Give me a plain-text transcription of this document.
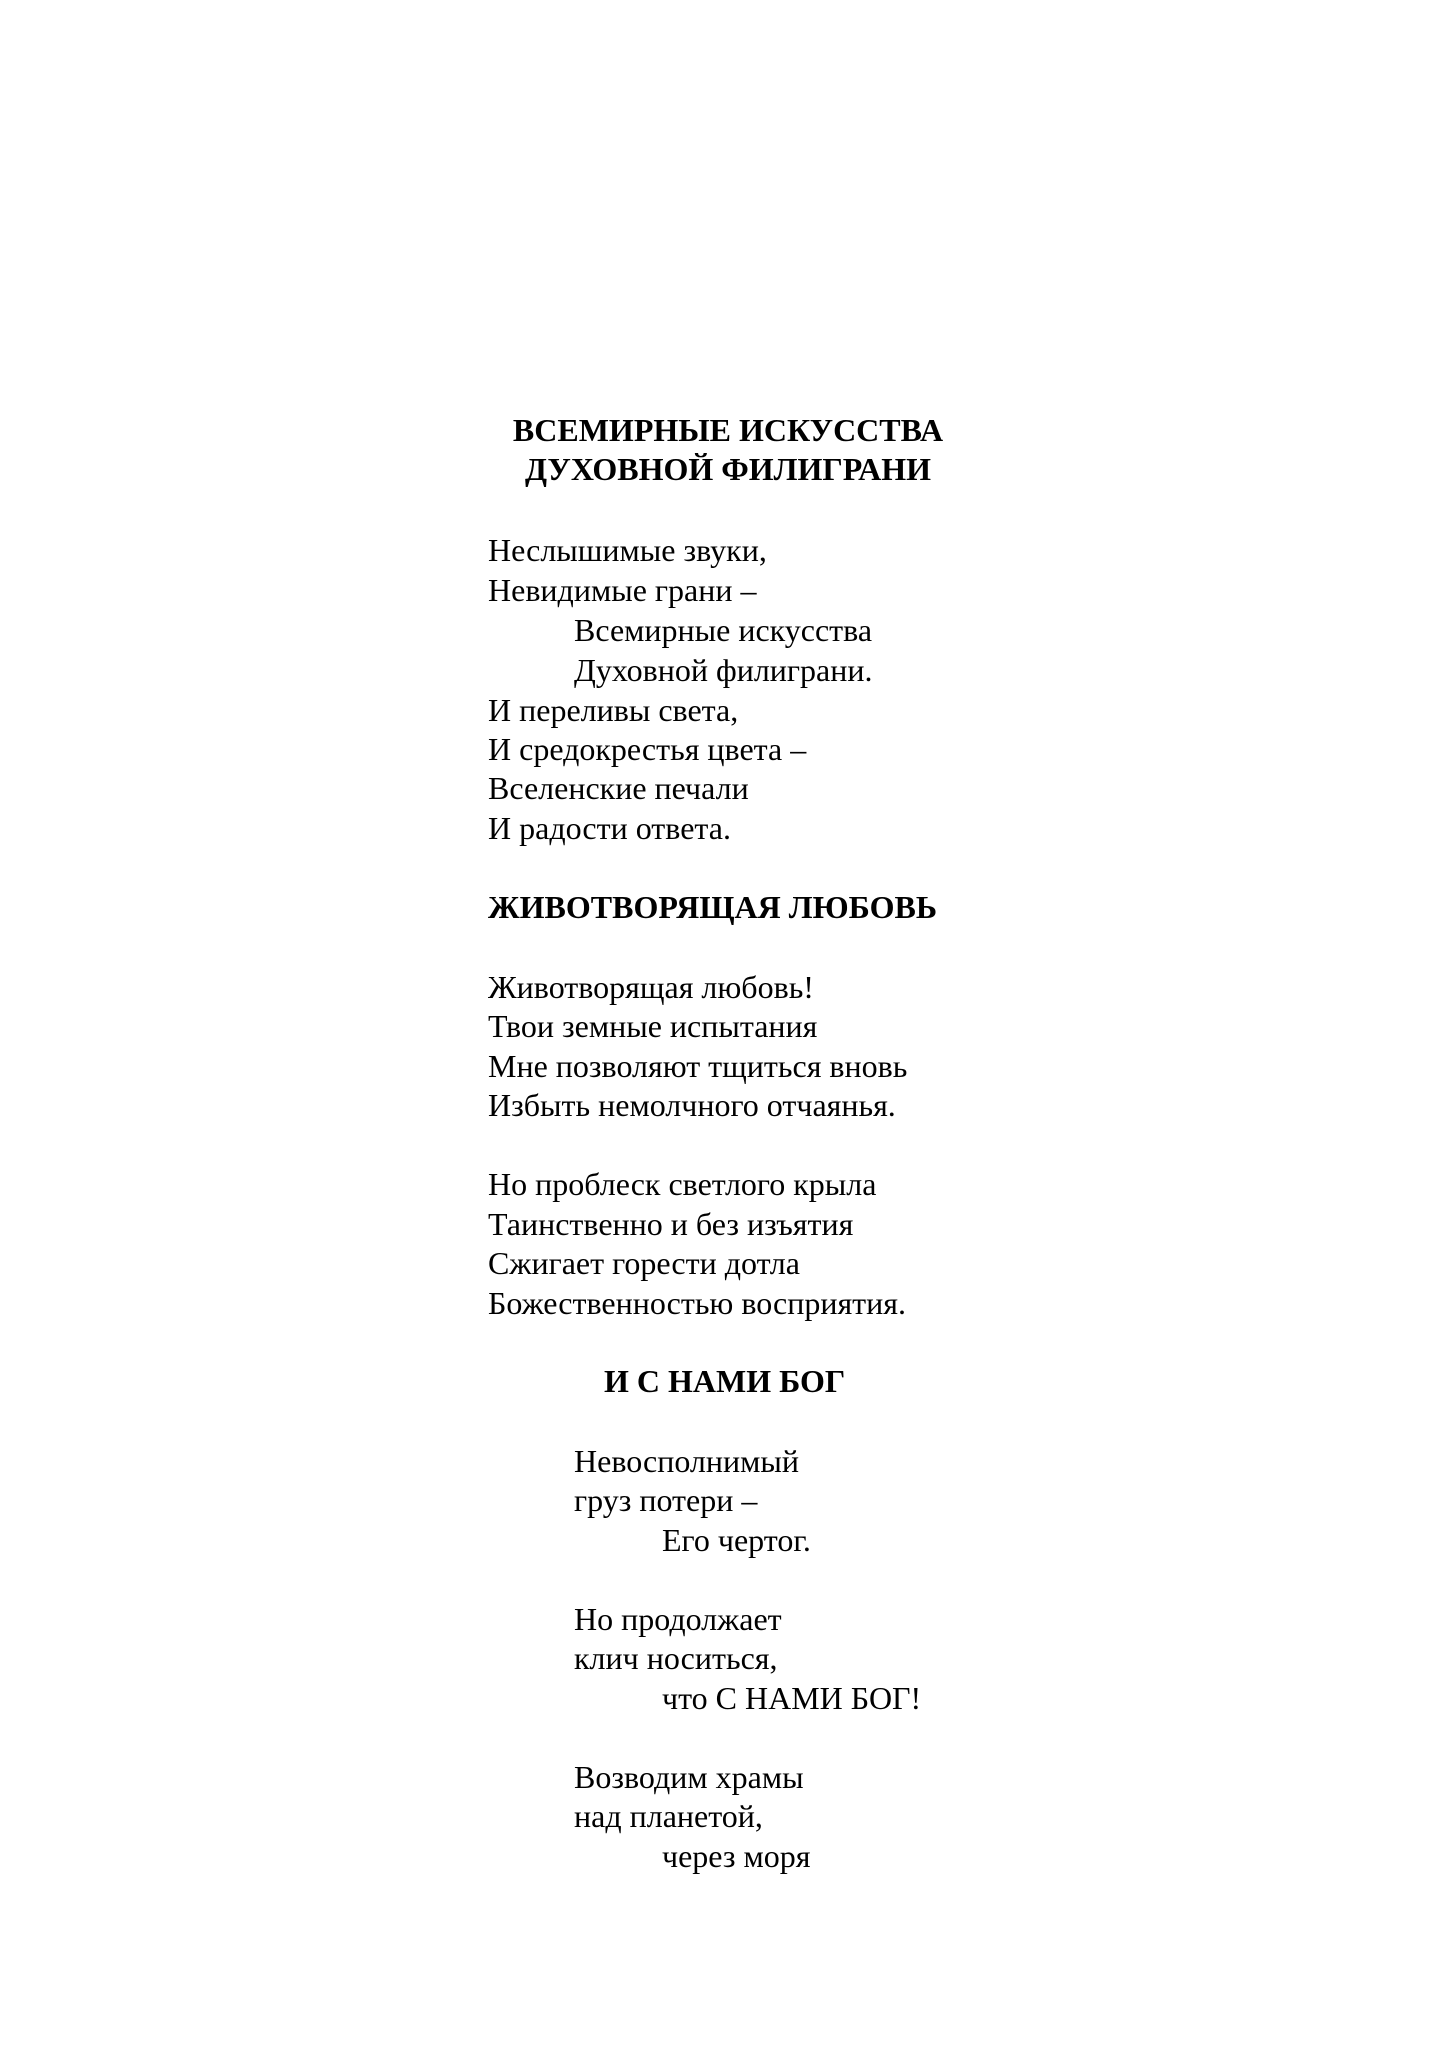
ВСЕМИРНЫЕ ИСКУССТВА
ДУХОВНОЙ ФИЛИГРАНИ
Неслышимые звуки,
Невидимые грани –
Всемирные искусства
Духовной филиграни.
И переливы света,
И средокрестья цвета –
Вселенские печали
И радости ответа.
ЖИВОТВОРЯЩАЯ ЛЮБОВЬ
Животворящая любовь!
Твои земные испытания
Мне позволяют тщиться вновь
Избыть немолчного отчаянья.
Но проблеск светлого крыла
Таинственно и без изъятия
Сжигает горести дотла
Божественностью восприятия.
И С НАМИ БОГ
Невосполнимый
груз потери –
Его чертог.
Но продолжает
клич носиться,
что С НАМИ БОГ!
Возводим храмы
над планетой,
через моря
